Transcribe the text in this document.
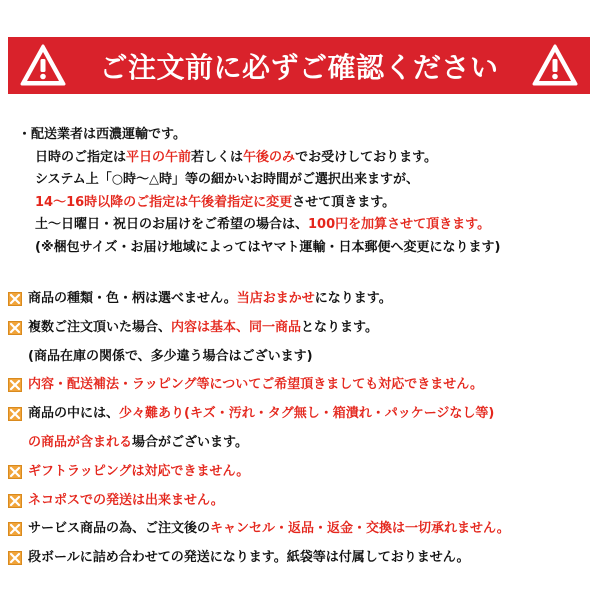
ご注文前に必ずご確認ください
・配送業者は西濃運輸です。
日時のご指定は平日の午前若しくは午後のみでお受けしております。
システム上「○時～△時」等の細かいお時間がご選択出来ますが、
14～16時以降のご指定は午後着指定に変更させて頂きます。
土～日曜日・祝日のお届けをご希望の場合は、100円を加算させて頂きます。
(※梱包サイズ・お届け地域によってはヤマト運輸・日本郵便へ変更になります)
商品の種類・色・柄は選べません。当店おまかせになります。
複数ご注文頂いた場合、内容は基本、同一商品となります。
(商品在庫の関係で、多少違う場合はございます)
内容・配送補法・ラッピング等についてご希望頂きましても対応できません。
商品の中には、少々難あり(キズ・汚れ・タグ無し・箱潰れ・パッケージなし等)
の商品が含まれる場合がございます。
ギフトラッピングは対応できません。
ネコポスでの発送は出来ません。
サービス商品の為、ご注文後のキャンセル・返品・返金・交換は一切承れません。
段ボールに詰め合わせての発送になります。紙袋等は付属しておりません。
